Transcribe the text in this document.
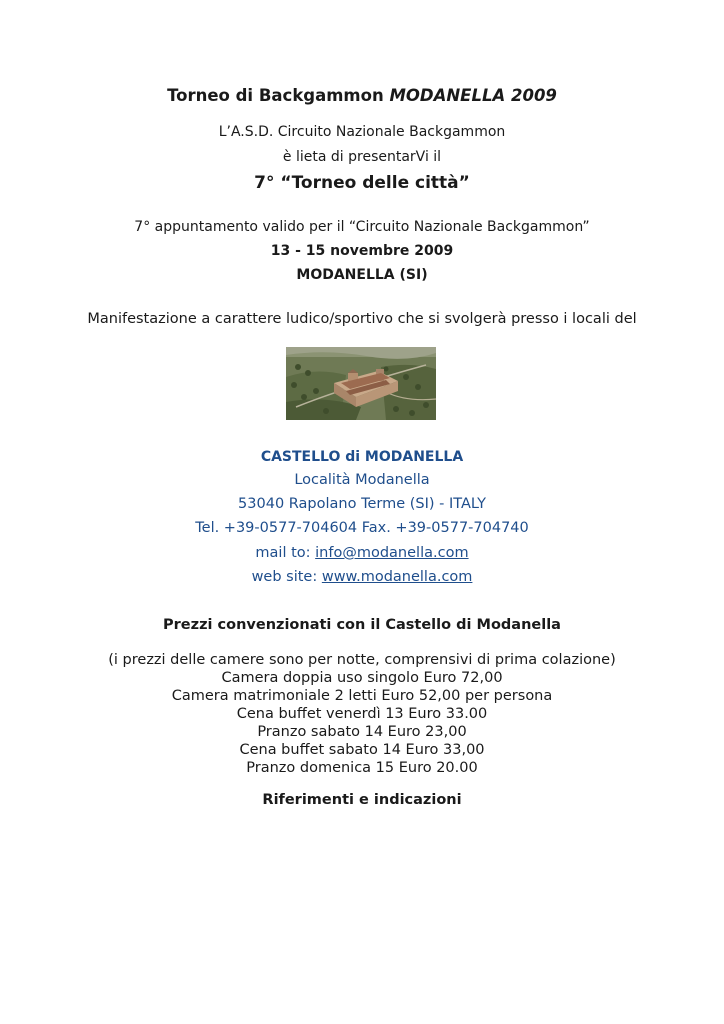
Torneo di Backgammon MODANELLA 2009
L’A.S.D. Circuito Nazionale Backgammon
è lieta di presentarVi il
7° “Torneo delle città”
7° appuntamento valido per il “Circuito Nazionale Backgammon”
13 - 15 novembre 2009
MODANELLA (SI)
Manifestazione a carattere ludico/sportivo che si svolgerà presso i locali del
CASTELLO di MODANELLA
Località Modanella
53040 Rapolano Terme (SI) - ITALY
Tel. +39-0577-704604 Fax. +39-0577-704740
mail to: info@modanella.com
web site: www.modanella.com
Prezzi convenzionati con il Castello di Modanella
(i prezzi delle camere sono per notte, comprensivi di prima colazione)
Camera doppia uso singolo Euro 72,00
Camera matrimoniale 2 letti Euro 52,00 per persona
Cena buffet venerdì 13 Euro 33.00
Pranzo sabato 14 Euro 23,00
Cena buffet sabato 14 Euro 33,00
Pranzo domenica 15 Euro 20.00
Riferimenti e indicazioni
